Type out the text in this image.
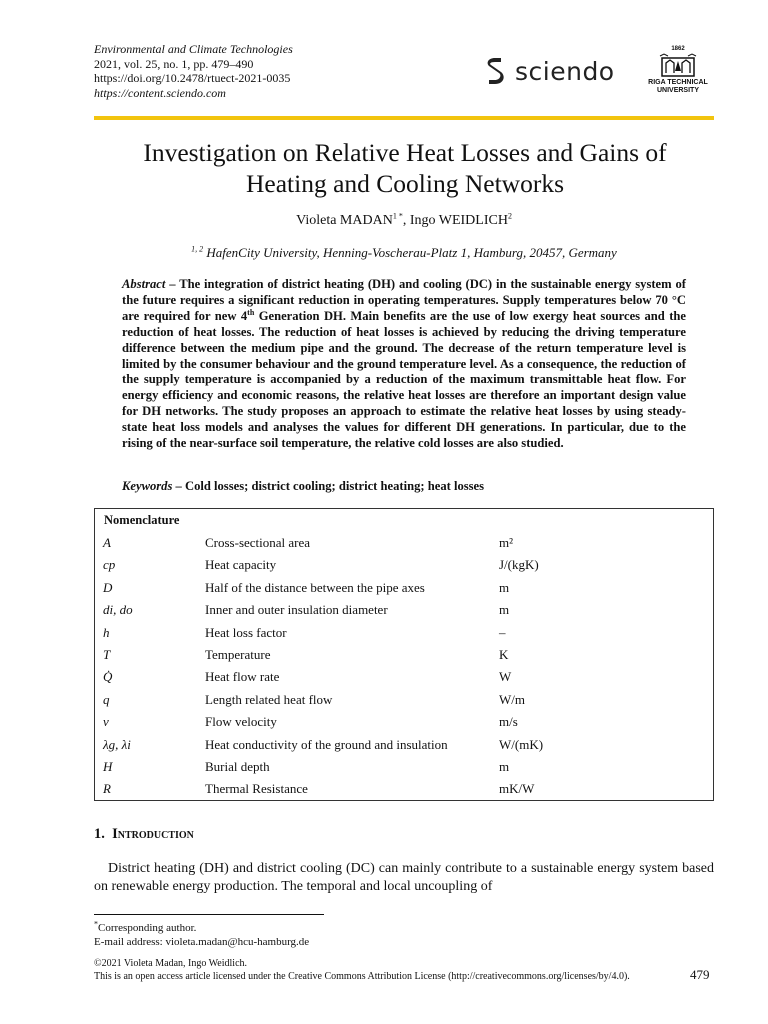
Environmental and Climate Technologies
2021, vol. 25, no. 1, pp. 479–490
https://doi.org/10.2478/rtuect-2021-0035
https://content.sciendo.com
sciendo
1862
RIGA TECHNICAL
UNIVERSITY
Investigation on Relative Heat Losses and Gains of
Heating and Cooling Networks
Violeta $MADAN^{1 *}$, Ingo WEIDLICH$^2$
$^{1, 2}$ HafenCity University, Henning-Voscherau-Platz 1, Hamburg, 20457, Germany
Abstract – The integration of district heating (DH) and cooling (DC) in the sustainable energy system of the future requires a significant reduction in operating temperatures. Supply temperatures below 70 °C are required for new 4th Generation DH. Main benefits are the use of low exergy heat sources and the reduction of heat losses. The reduction of heat losses is achieved by reducing the driving temperature difference between the medium pipe and the ground. The decrease of the return temperature level is limited by the consumer behaviour and the ground temperature level. As a consequence, the reduction of the supply temperature is accompanied by a reduction of the maximum transmittable heat flow. For energy efficiency and economic reasons, the relative heat losses are therefore an important design value for DH networks. The study proposes an approach to estimate the relative heat losses by using steady-state heat loss models and analyses the values for different DH generations. In particular, due to the rising of the near-surface soil temperature, the relative cold losses are also studied.
Keywords – Cold losses; district cooling; district heating; heat losses
Nomenclature
A	Cross-sectional area	m²
cp	Heat capacity	J/(kgK)
D	Half of the distance between the pipe axes	m
di, do	Inner and outer insulation diameter	m
h	Heat loss factor	–
T	Temperature	K
Q̇	Heat flow rate	W
q	Length related heat flow	W/m
v	Flow velocity	m/s
λg, λi	Heat conductivity of the ground and insulation	W/(mK)
H	Burial depth	m
R	Thermal Resistance	mK/W
1. Introduction
District heating (DH) and district cooling (DC) can mainly contribute to a sustainable energy system based on renewable energy production. The temporal and local uncoupling of
*Corresponding author.
E-mail address: violeta.madan@hcu-hamburg.de
©2021 Violeta Madan, Ingo Weidlich.
This is an open access article licensed under the Creative Commons Attribution License (http://creativecommons.org/licenses/by/4.0).	479
